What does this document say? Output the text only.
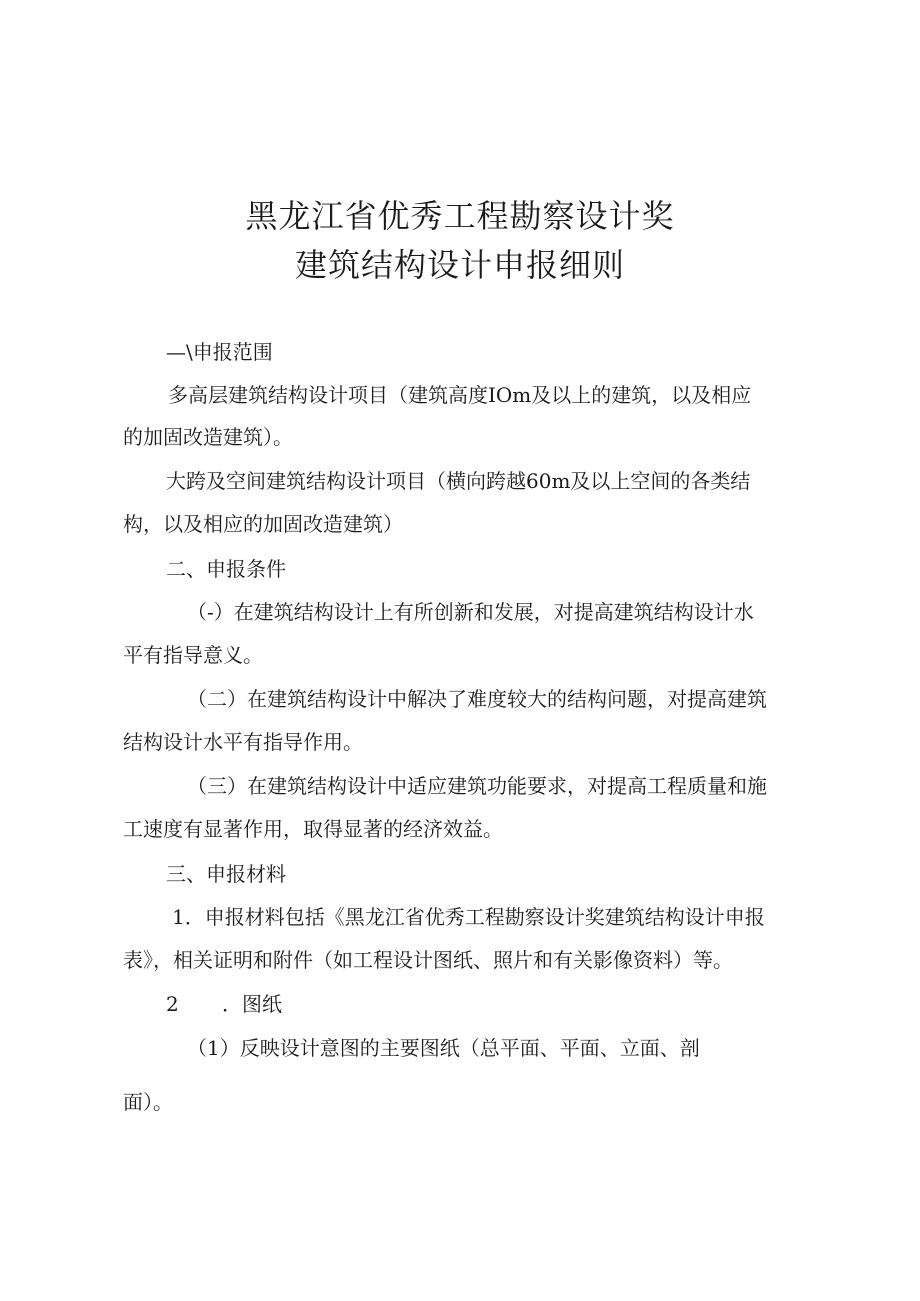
黑龙江省优秀工程勘察设计奖
建筑结构设计申报细则
—\申报范围
多高层建筑结构设计项目（建筑高度IOm及以上的建筑，以及相应
的加固改造建筑）。
大跨及空间建筑结构设计项目（横向跨越60m及以上空间的各类结
构，以及相应的加固改造建筑）
二、申报条件
（-）在建筑结构设计上有所创新和发展，对提高建筑结构设计水
平有指导意义。
（二）在建筑结构设计中解决了难度较大的结构问题，对提高建筑
结构设计水平有指导作用。
（三）在建筑结构设计中适应建筑功能要求，对提高工程质量和施
工速度有显著作用，取得显著的经济效益。
三、申报材料
1．申报材料包括《黑龙江省优秀工程勘察设计奖建筑结构设计申报
表》，相关证明和附件（如工程设计图纸、照片和有关影像资料）等。
2 ．图纸
（1）反映设计意图的主要图纸（总平面、平面、立面、剖
面）。
